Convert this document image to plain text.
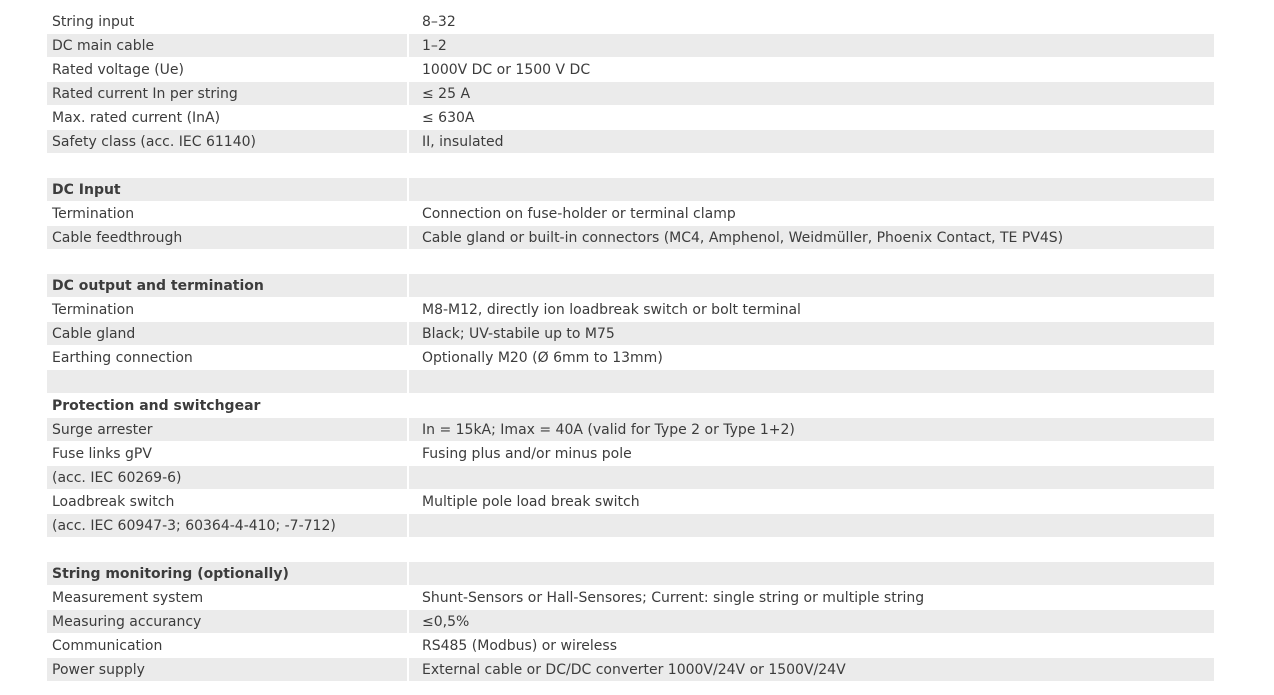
String input	8–32
DC main cable	1–2
Rated voltage (Ue)	1000V DC or 1500 V DC
Rated current In per string	≤ 25 A
Max. rated current (InA)	≤ 630A
Safety class (acc. IEC 61140)	II, insulated
DC Input
Termination	Connection on fuse-holder or terminal clamp
Cable feedthrough	Cable gland or built-in connectors (MC4, Amphenol, Weidmüller, Phoenix Contact, TE PV4S)
DC output and termination
Termination	M8-M12, directly ion loadbreak switch or bolt terminal
Cable gland	Black; UV-stabile up to M75
Earthing connection	Optionally M20 (Ø 6mm to 13mm)
Protection and switchgear
Surge arrester	In = 15kA; Imax = 40A (valid for Type 2 or Type 1+2)
Fuse links gPV	Fusing plus and/or minus pole
(acc. IEC 60269-6)
Loadbreak switch	Multiple pole load break switch
(acc. IEC 60947-3; 60364-4-410; -7-712)
String monitoring (optionally)
Measurement system	Shunt-Sensors or Hall-Sensores; Current: single string or multiple string
Measuring accurancy	≤0,5%
Communication	RS485 (Modbus) or wireless
Power supply	External cable or DC/DC converter 1000V/24V or 1500V/24V
